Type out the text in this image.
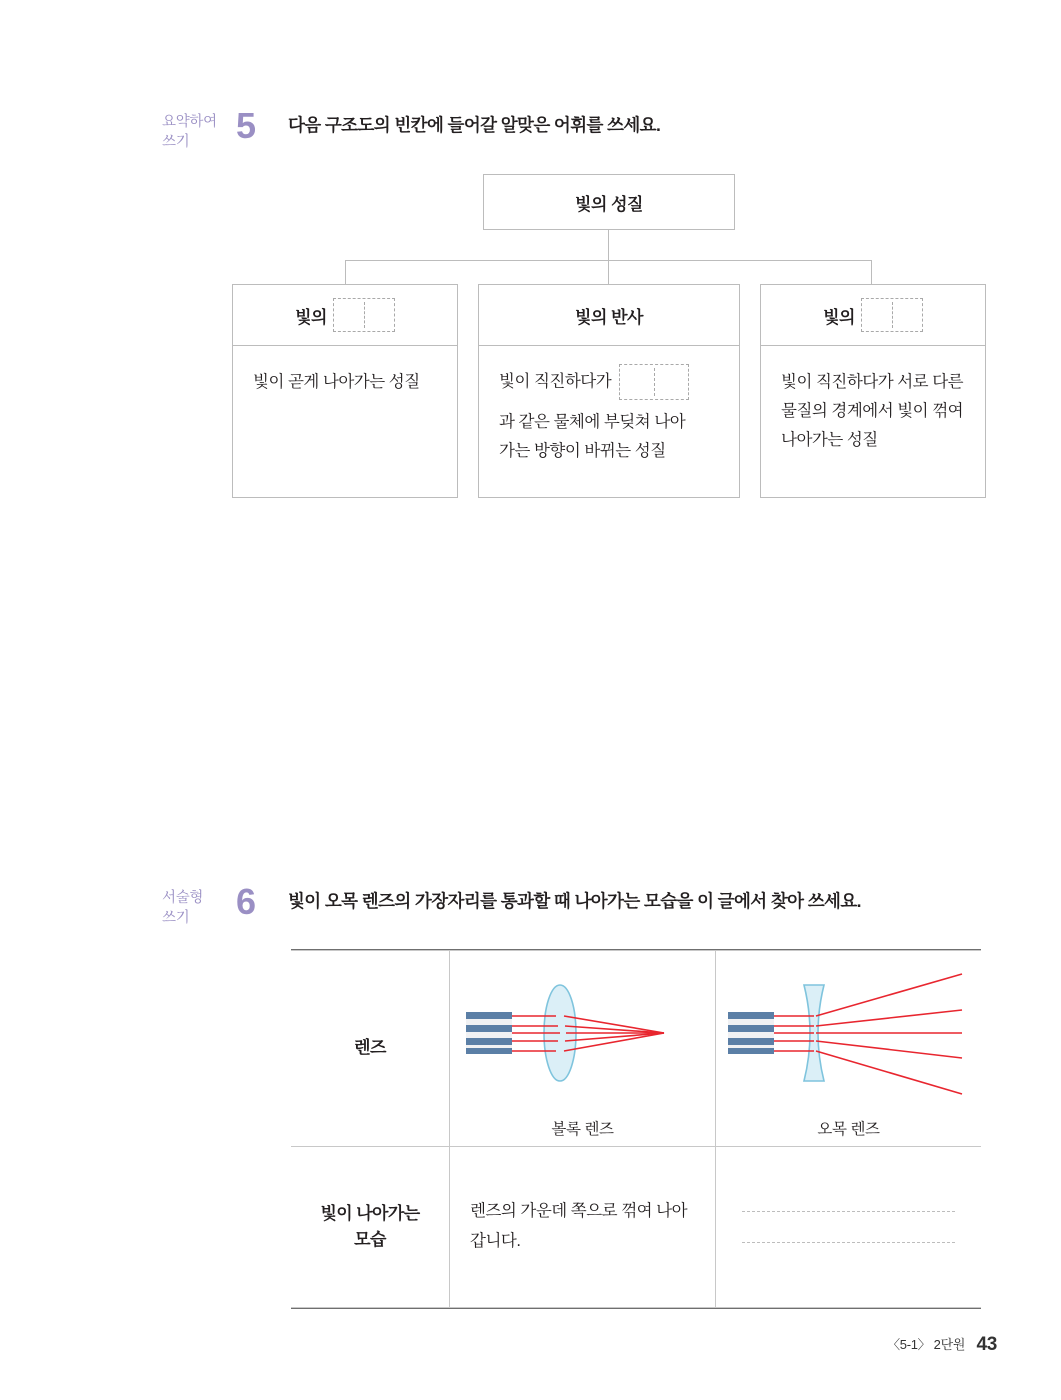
요약하여
쓰기	5 다음 구조도의 빈칸에 들어갈 알맞은 어휘를 쓰세요.
빛의 성질
빛의
빛이 곧게 나아가는 성질
빛의 반사
빛이 직진하다가
과 같은 물체에 부딪쳐 나아
가는 방향이 바뀌는 성질
빛의
빛이 직진하다가 서로 다른 물질의 경계에서 빛이 꺾여 나아가는 성질
서술형
쓰기	6 빛이 오목 렌즈의 가장자리를 통과할 때 나아가는 모습을 이 글에서 찾아 쓰세요.
렌즈	볼록 렌즈	오목 렌즈

빛이 나아가는
모습	렌즈의 가운데 쪽으로 꺾여 나아갑니다.	
〈5-1〉 2단원 43
